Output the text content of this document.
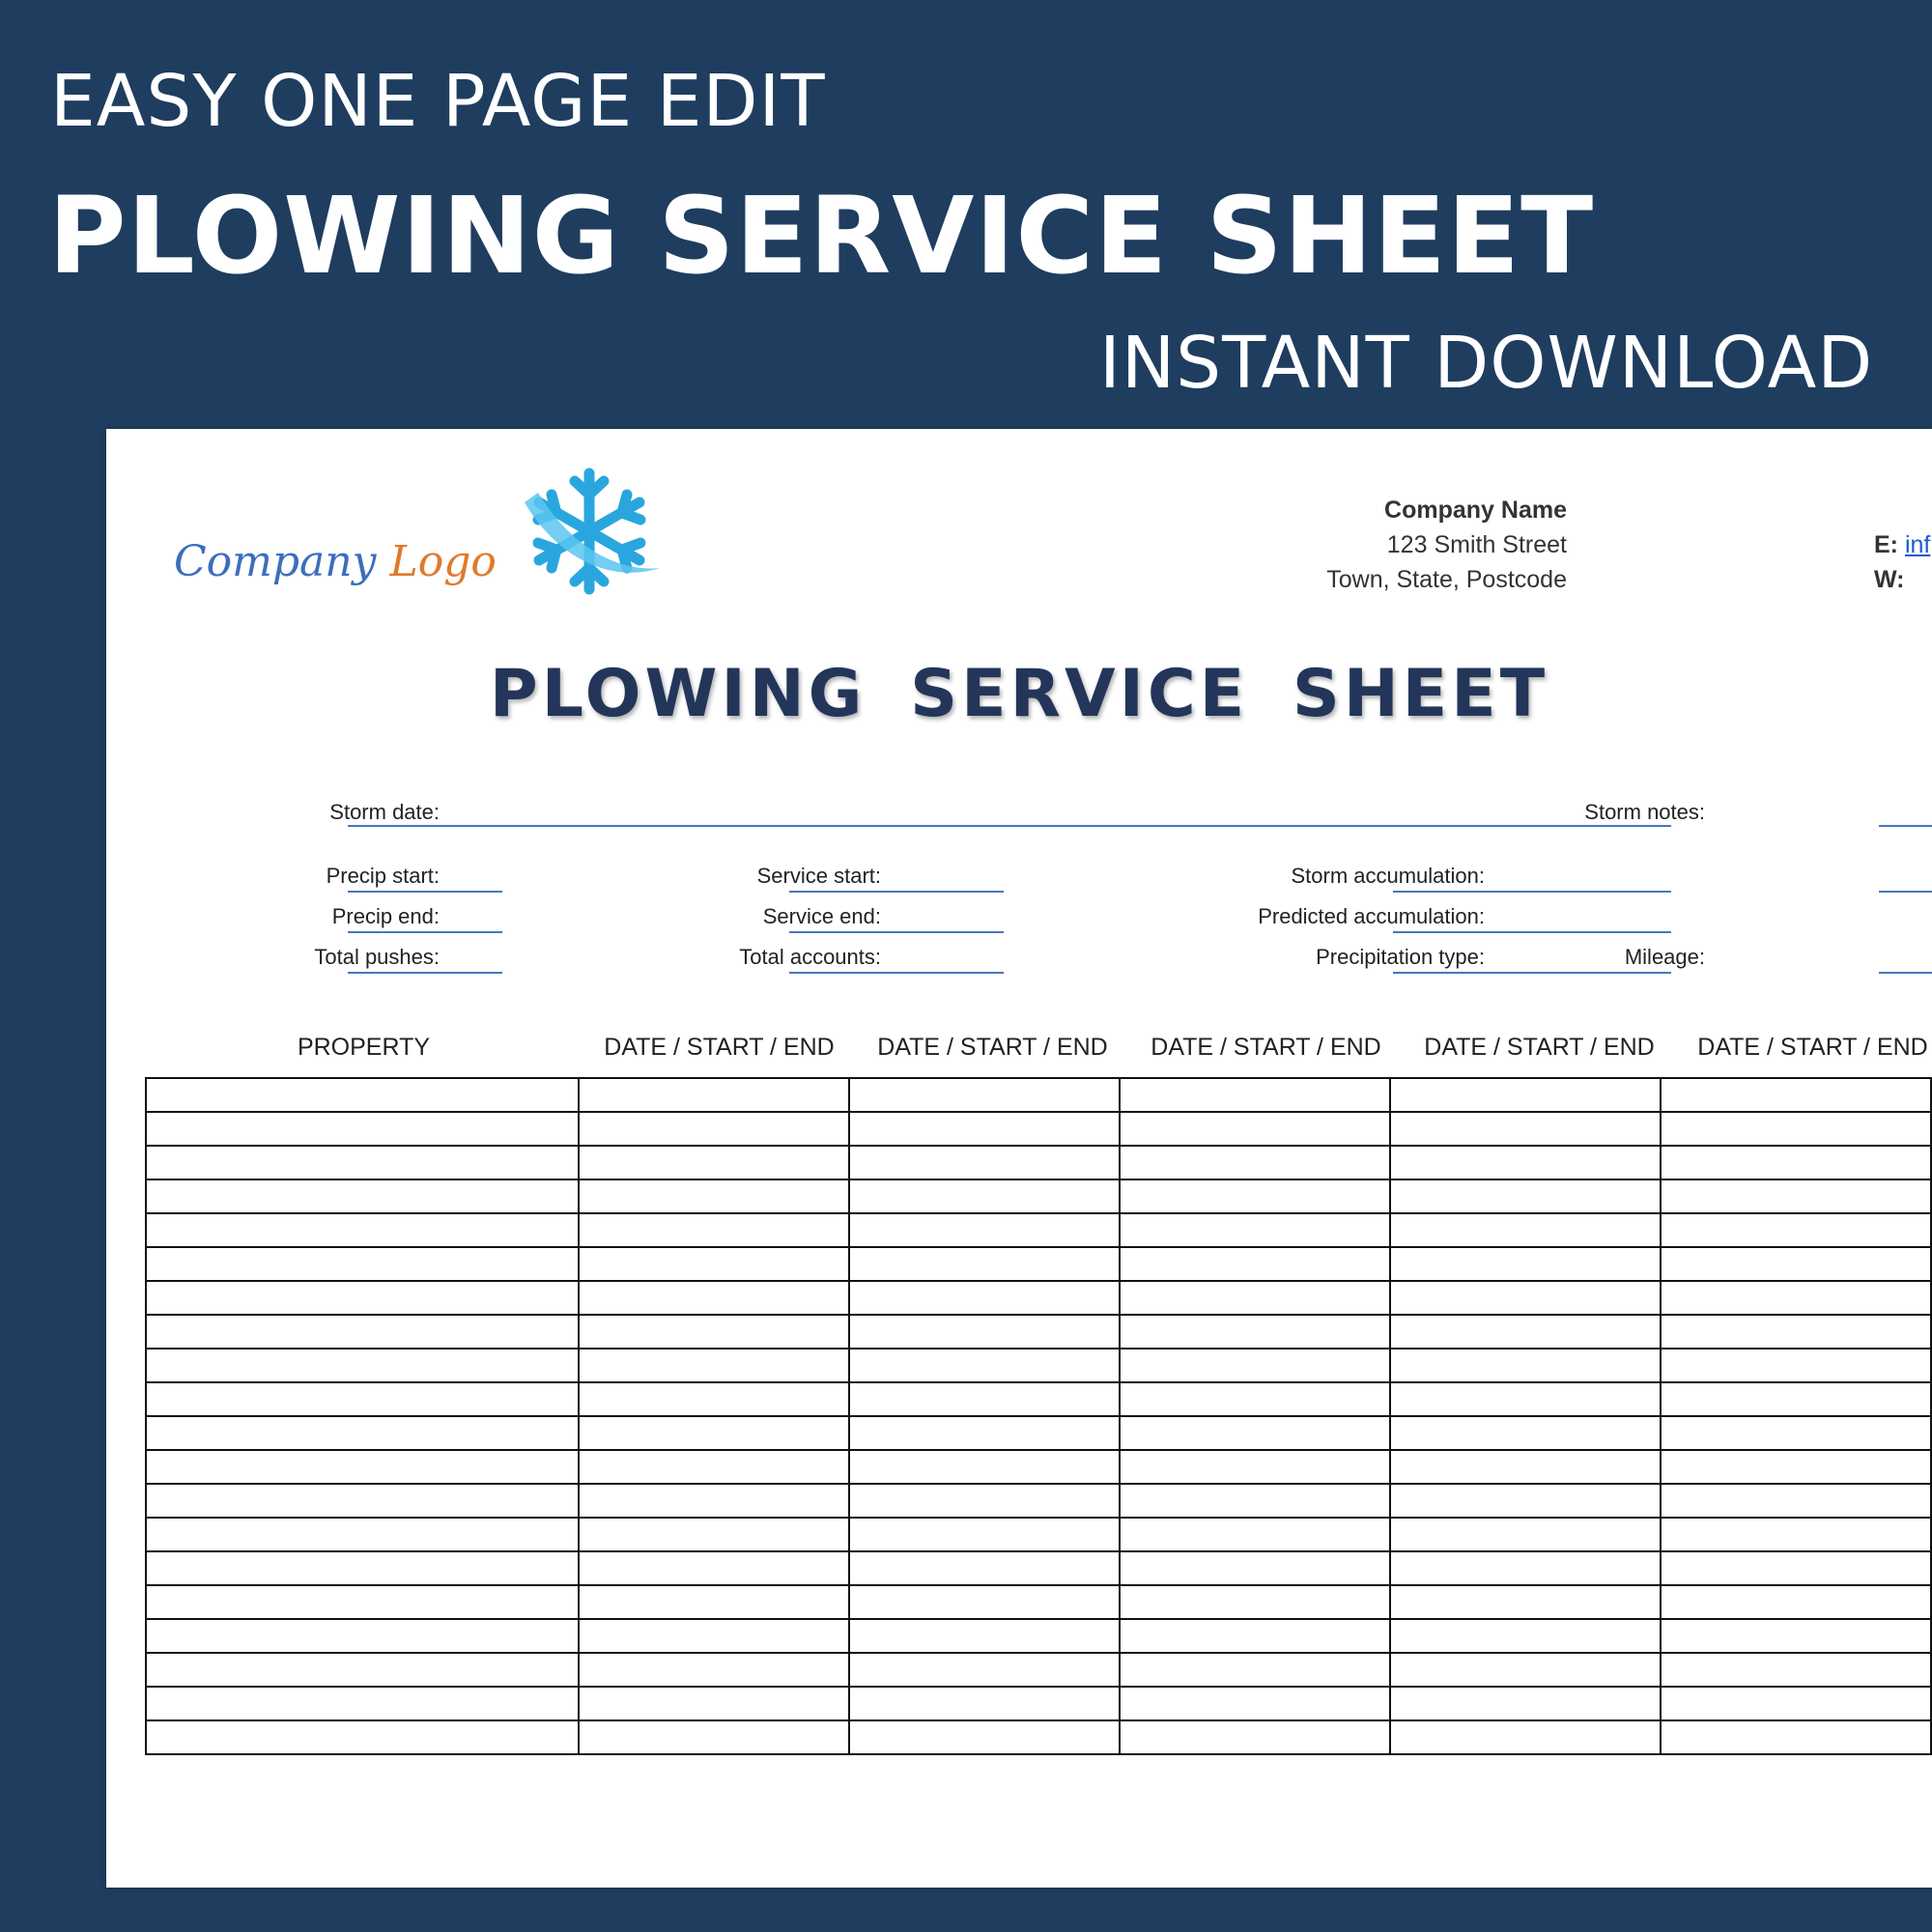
EASY ONE PAGE EDIT
PLOWING SERVICE SHEET
INSTANT DOWNLOAD
Company Logo
Company Name
123 Smith Street
Town, State, Postcode
E: inf
W:
PLOWING SERVICE SHEET
Storm date:	Storm notes:
Precip start:
Precip end:
Total pushes:
Service start:
Service end:
Total accounts:
Storm accumulation:
Predicted accumulation:
Precipitation type:	Mileage:
PROPERTY	DATE / START / END	DATE / START / END	DATE / START / END	DATE / START / END	DATE / START / END
